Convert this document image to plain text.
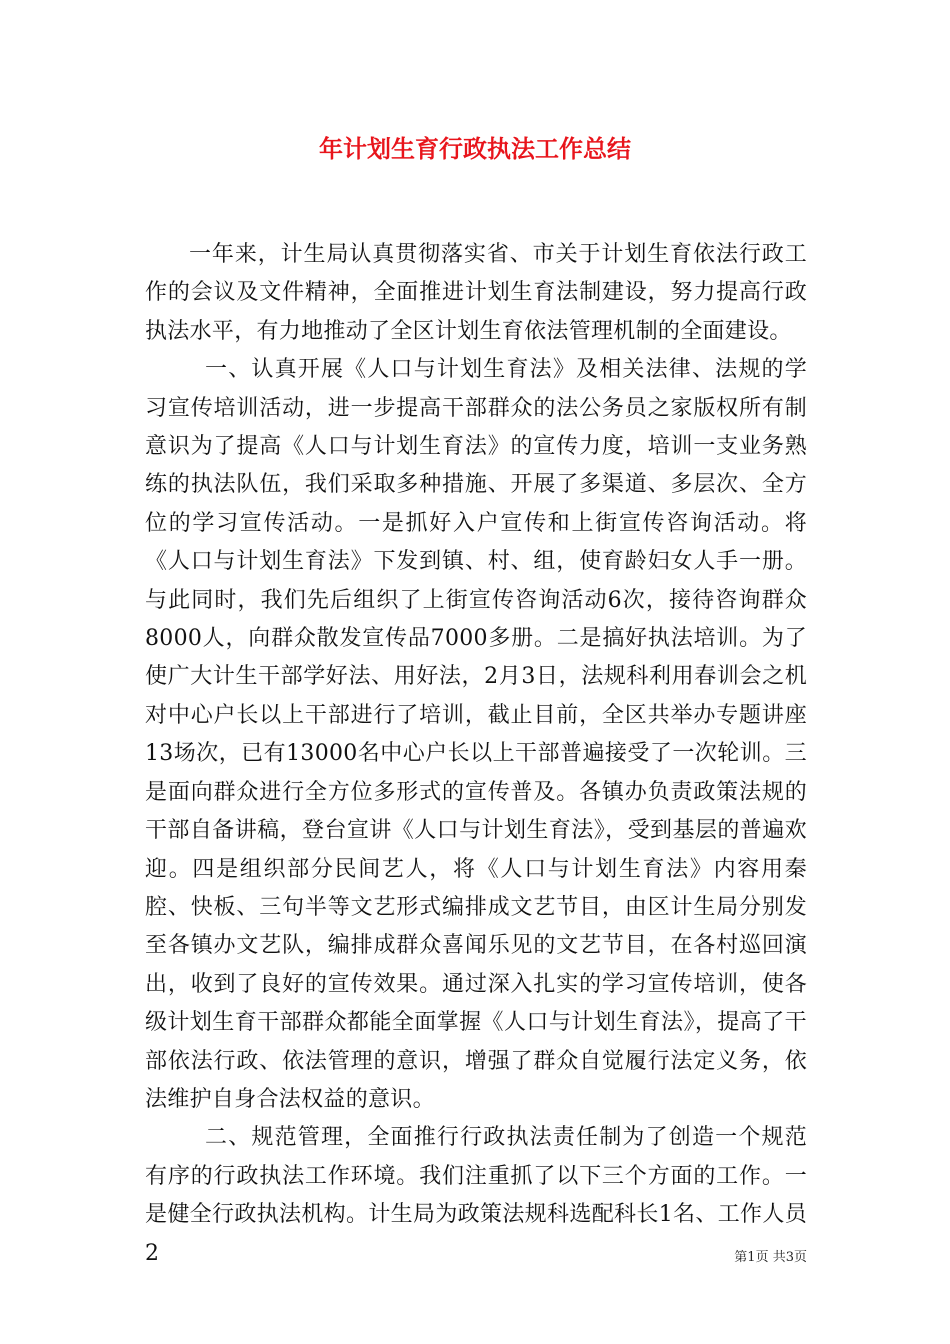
年计划生育行政执法工作总结

一年来，计生局认真贯彻落实省、市关于计划生育依法行政工作的会议及文件精神，全面推进计划生育法制建设，努力提高行政执法水平，有力地推动了全区计划生育依法管理机制的全面建设。

一、认真开展《人口与计划生育法》及相关法律、法规的学习宣传培训活动，进一步提高干部群众的法公务员之家版权所有制意识为了提高《人口与计划生育法》的宣传力度，培训一支业务熟练的执法队伍，我们采取多种措施、开展了多渠道、多层次、全方位的学习宣传活动。一是抓好入户宣传和上街宣传咨询活动。将《人口与计划生育法》下发到镇、村、组，使育龄妇女人手一册。与此同时，我们先后组织了上街宣传咨询活动6次，接待咨询群众8000人，向群众散发宣传品7000多册。二是搞好执法培训。为了使广大计生干部学好法、用好法，2月3日，法规科利用春训会之机对中心户长以上干部进行了培训，截止目前，全区共举办专题讲座13场次，已有13000名中心户长以上干部普遍接受了一次轮训。三是面向群众进行全方位多形式的宣传普及。各镇办负责政策法规的干部自备讲稿，登台宣讲《人口与计划生育法》，受到基层的普遍欢迎。四是组织部分民间艺人，将《人口与计划生育法》内容用秦腔、快板、三句半等文艺形式编排成文艺节目，由区计生局分别发至各镇办文艺队，编排成群众喜闻乐见的文艺节目，在各村巡回演出，收到了良好的宣传效果。通过深入扎实的学习宣传培训，使各级计划生育干部群众都能全面掌握《人口与计划生育法》，提高了干部依法行政、依法管理的意识，增强了群众自觉履行法定义务，依法维护自身合法权益的意识。

二、规范管理，全面推行行政执法责任制为了创造一个规范有序的行政执法工作环境。我们注重抓了以下三个方面的工作。一是健全行政执法机构。计生局为政策法规科选配科长1名、工作人员2	第1页 共3页
